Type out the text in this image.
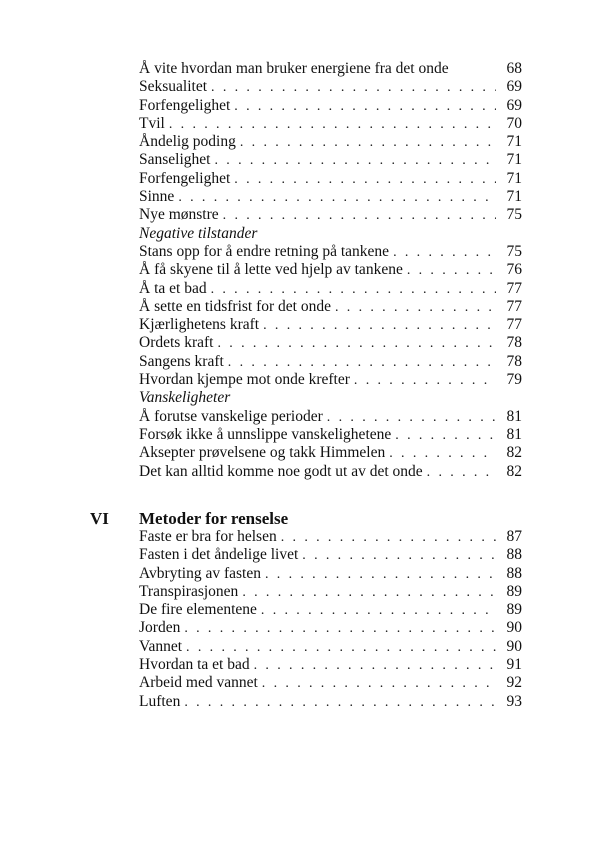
Å vite hvordan man bruker energiene fra det onde	68
Seksualitet . . .	69
Forfengelighet . . .	69
Tvil . . .	70
Åndelig poding . . .	71
Sanselighet . . .	71
Forfengelighet . . .	71
Sinne . . .	71
Nye mønstre . . .	75
Negative tilstander
Stans opp for å endre retning på tankene . . .	75
Å få skyene til å lette ved hjelp av tankene . . .	76
Å ta et bad . . .	77
Å sette en tidsfrist for det onde . . .	77
Kjærlighetens kraft . . .	77
Ordets kraft . . .	78
Sangens kraft . . .	78
Hvordan kjempe mot onde krefter . . .	79
Vanskeligheter
Å forutse vanskelige perioder . . .	81
Forsøk ikke å unnslippe vanskelighetene . . .	81
Aksepter prøvelsene og takk Himmelen . . .	82
Det kan alltid komme noe godt ut av det onde . . .	82
VI Metoder for renselse
Faste er bra for helsen . . .	87
Fasten i det åndelige livet . . .	88
Avbryting av fasten . . .	88
Transpirasjonen . . .	89
De fire elementene . . .	89
Jorden . . .	90
Vannet . . .	90
Hvordan ta et bad . . .	91
Arbeid med vannet . . .	92
Luften . . .	93
